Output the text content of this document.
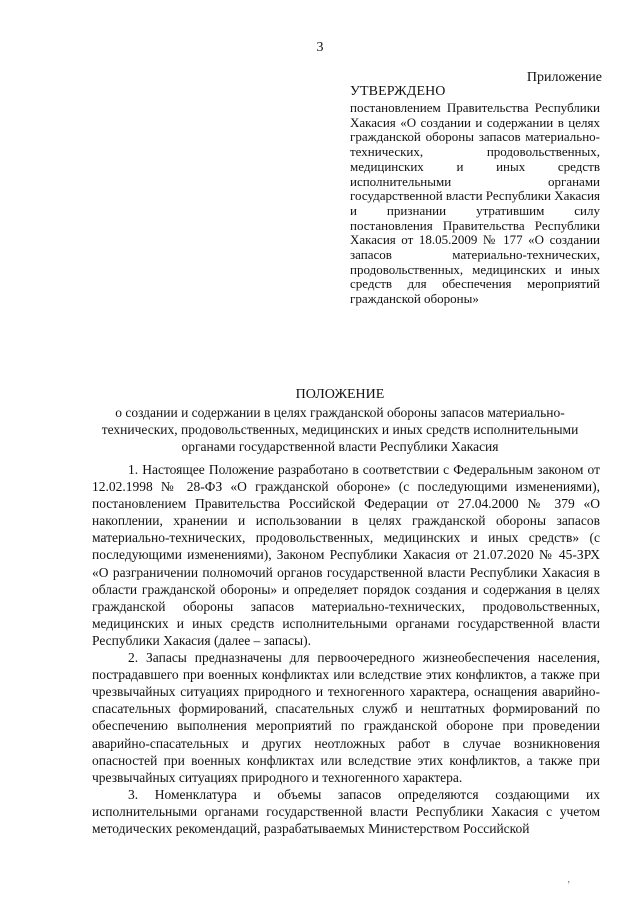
3
Приложение
УТВЕРЖДЕНО
постановлением Правительства Республики Хакасия «О создании и содержании в целях гражданской обороны запасов материально-технических, продовольственных, медицинских и иных средств исполнительными органами государственной власти Республики Хакасия и признании утратившим силу постановления Правительства Республики Хакасия от 18.05.2009 № 177 «О создании запасов материально-технических, продовольственных, медицинских и иных средств для обеспечения мероприятий гражданской обороны»
ПОЛОЖЕНИЕ
о создании и содержании в целях гражданской обороны запасов материально-технических, продовольственных, медицинских и иных средств исполнительными органами государственной власти Республики Хакасия

1. Настоящее Положение разработано в соответствии с Федеральным законом от 12.02.1998 № 28-ФЗ «О гражданской обороне» (с последующими изменениями), постановлением Правительства Российской Федерации от 27.04.2000 № 379 «О накоплении, хранении и использовании в целях гражданской обороны запасов материально-технических, продовольственных, медицинских и иных средств» (с последующими изменениями), Законом Республики Хакасия от 21.07.2020 № 45-ЗРХ «О разграничении полномочий органов государственной власти Республики Хакасия в области гражданской обороны» и определяет порядок создания и содержания в целях гражданской обороны запасов материально-технических, продовольственных, медицинских и иных средств исполнительными органами государственной власти Республики Хакасия (далее – запасы).

2. Запасы предназначены для первоочередного жизнеобеспечения населения, пострадавшего при военных конфликтах или вследствие этих конфликтов, а также при чрезвычайных ситуациях природного и техногенного характера, оснащения аварийно-спасательных формирований, спасательных служб и нештатных формирований по обеспечению выполнения мероприятий по гражданской обороне при проведении аварийно-спасательных и других неотложных работ в случае возникновения опасностей при военных конфликтах или вследствие этих конфликтов, а также при чрезвычайных ситуациях природного и техногенного характера.

3. Номенклатура и объемы запасов определяются создающими их исполнительными органами государственной власти Республики Хакасия с учетом методических рекомендаций, разрабатываемых Министерством Российской

,
